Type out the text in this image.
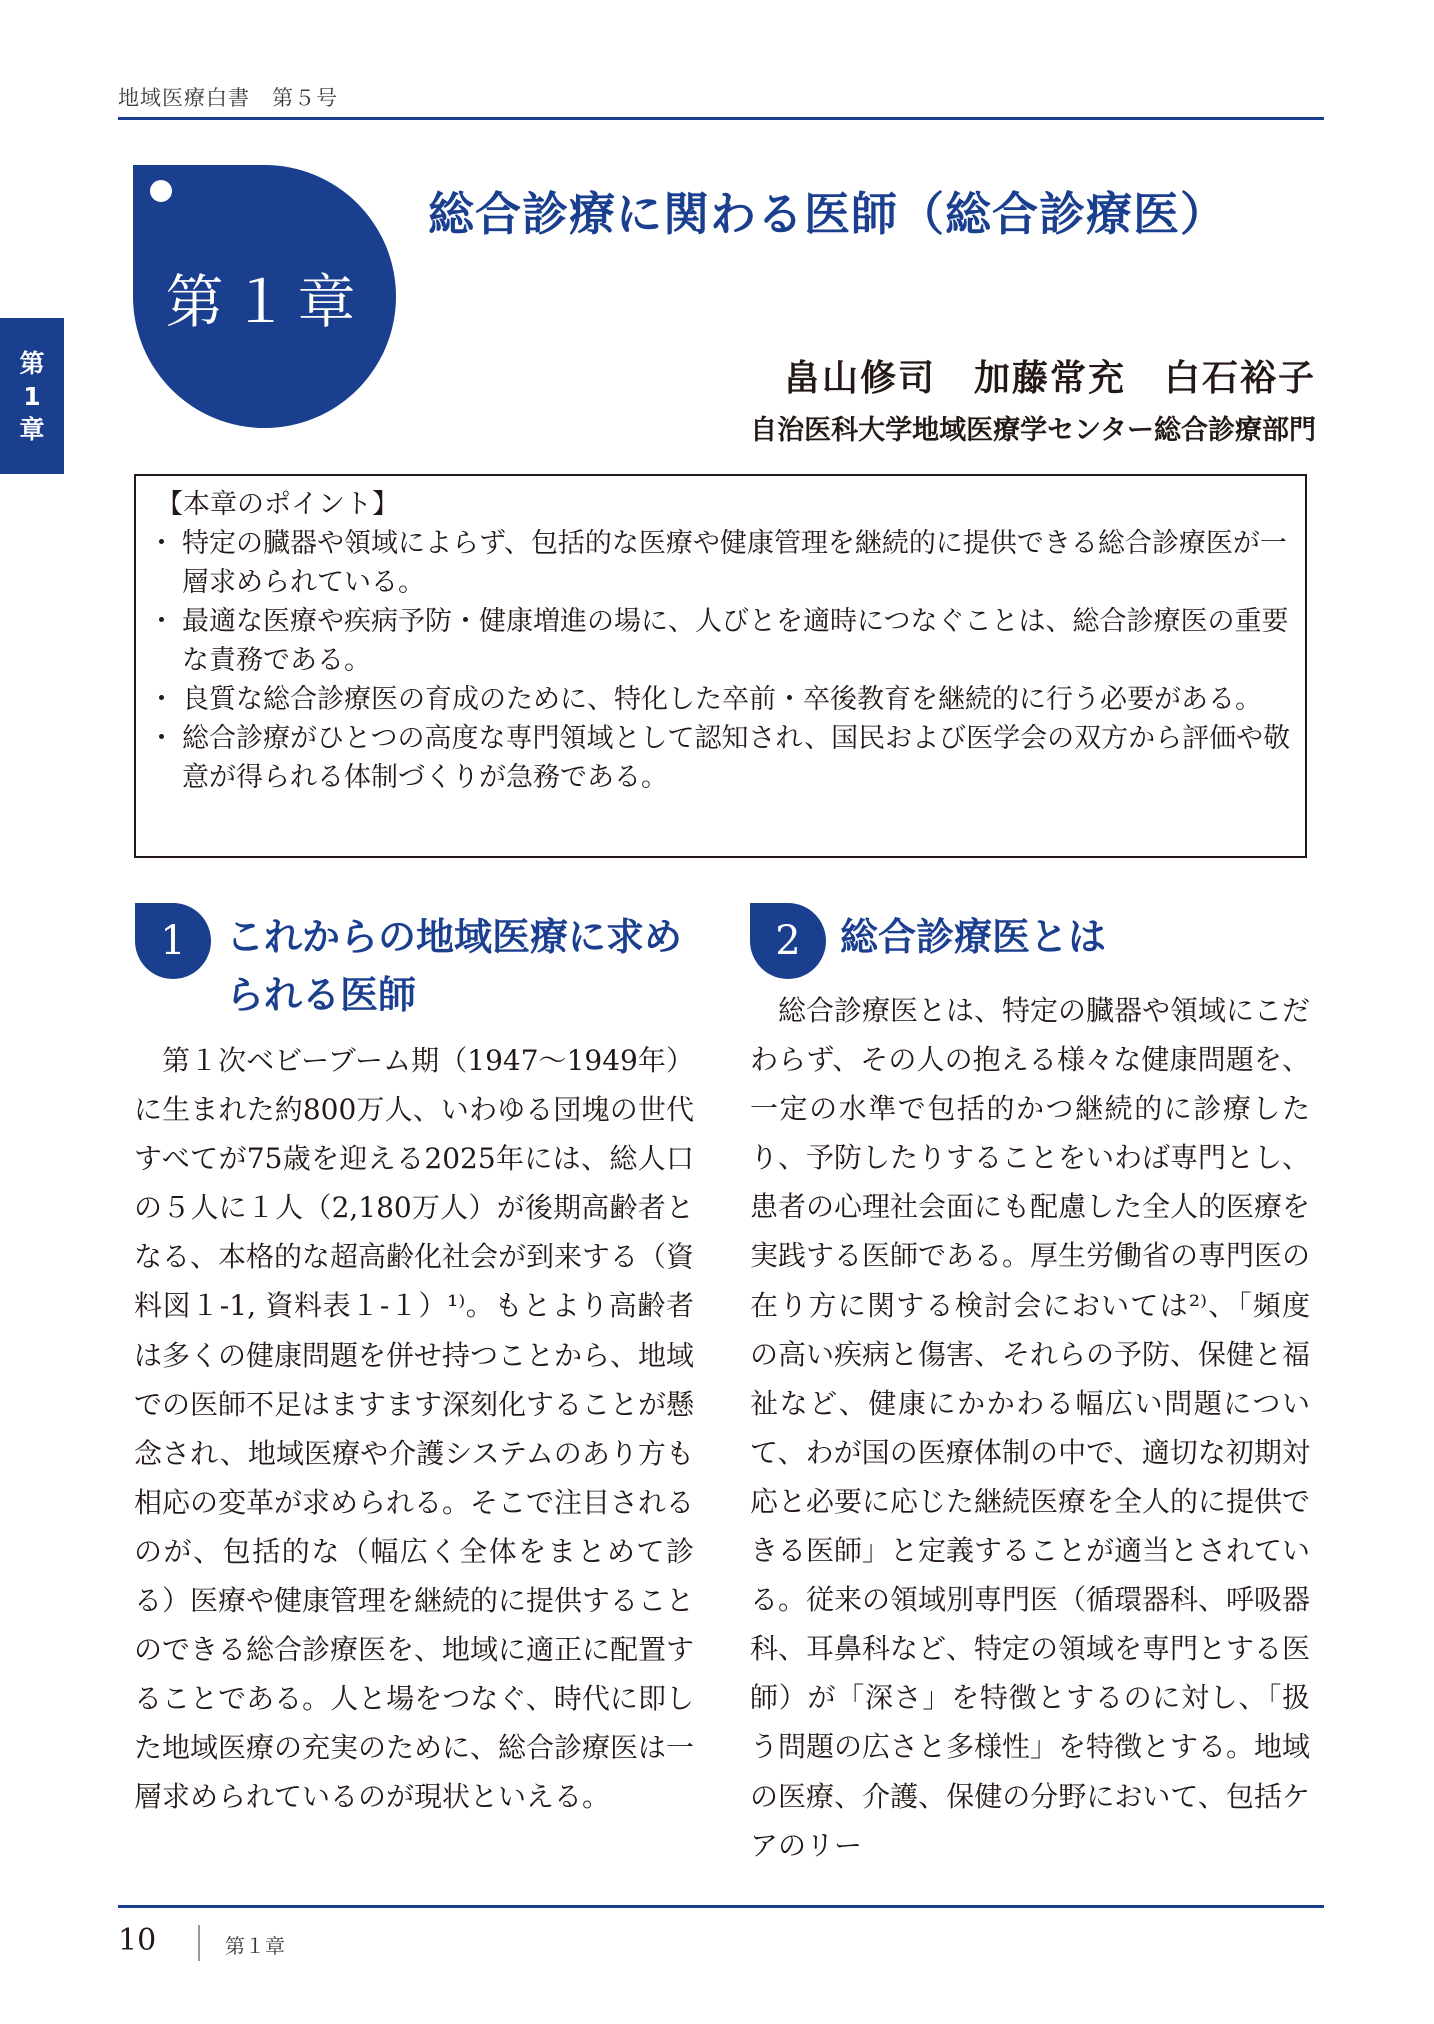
地域医療白書　第５号
第
1
章
第１章
総合診療に関わる医師（総合診療医）
畠山修司　加藤常充　白石裕子
自治医科大学地域医療学センター総合診療部門
【本章のポイント】
・ 特定の臓器や領域によらず、包括的な医療や健康管理を継続的に提供できる総合診療医が一層求められている。
・ 最適な医療や疾病予防・健康増進の場に、人びとを適時につなぐことは、総合診療医の重要な責務である。
・ 良質な総合診療医の育成のために、特化した卒前・卒後教育を継続的に行う必要がある。
・ 総合診療がひとつの高度な専門領域として認知され、国民および医学会の双方から評価や敬意が得られる体制づくりが急務である。
1	これからの地域医療に求められる医師

第１次ベビーブーム期（1947～1949年）に生まれた約800万人、いわゆる団塊の世代すべてが75歳を迎える2025年には、総人口の５人に１人（2,180万人）が後期高齢者となる、本格的な超高齢化社会が到来する（資料図１-1, 資料表１-１）¹⁾。もとより高齢者は多くの健康問題を併せ持つことから、地域での医師不足はますます深刻化することが懸念され、地域医療や介護システムのあり方も相応の変革が求められる。そこで注目されるのが、包括的な（幅広く全体をまとめて診る）医療や健康管理を継続的に提供することのできる総合診療医を、地域に適正に配置することである。人と場をつなぐ、時代に即した地域医療の充実のために、総合診療医は一層求められているのが現状といえる。

2	総合診療医とは

総合診療医とは、特定の臓器や領域にこだわらず、その人の抱える様々な健康問題を、一定の水準で包括的かつ継続的に診療したり、予防したりすることをいわば専門とし、患者の心理社会面にも配慮した全人的医療を実践する医師である。厚生労働省の専門医の在り方に関する検討会においては²⁾、「頻度の高い疾病と傷害、それらの予防、保健と福祉など、健康にかかわる幅広い問題について、わが国の医療体制の中で、適切な初期対応と必要に応じた継続医療を全人的に提供できる医師」と定義することが適当とされている。従来の領域別専門医（循環器科、呼吸器科、耳鼻科など、特定の領域を専門とする医師）が「深さ」を特徴とするのに対し、「扱う問題の広さと多様性」を特徴とする。地域の医療、介護、保健の分野において、包括ケアのリー

10	第１章
